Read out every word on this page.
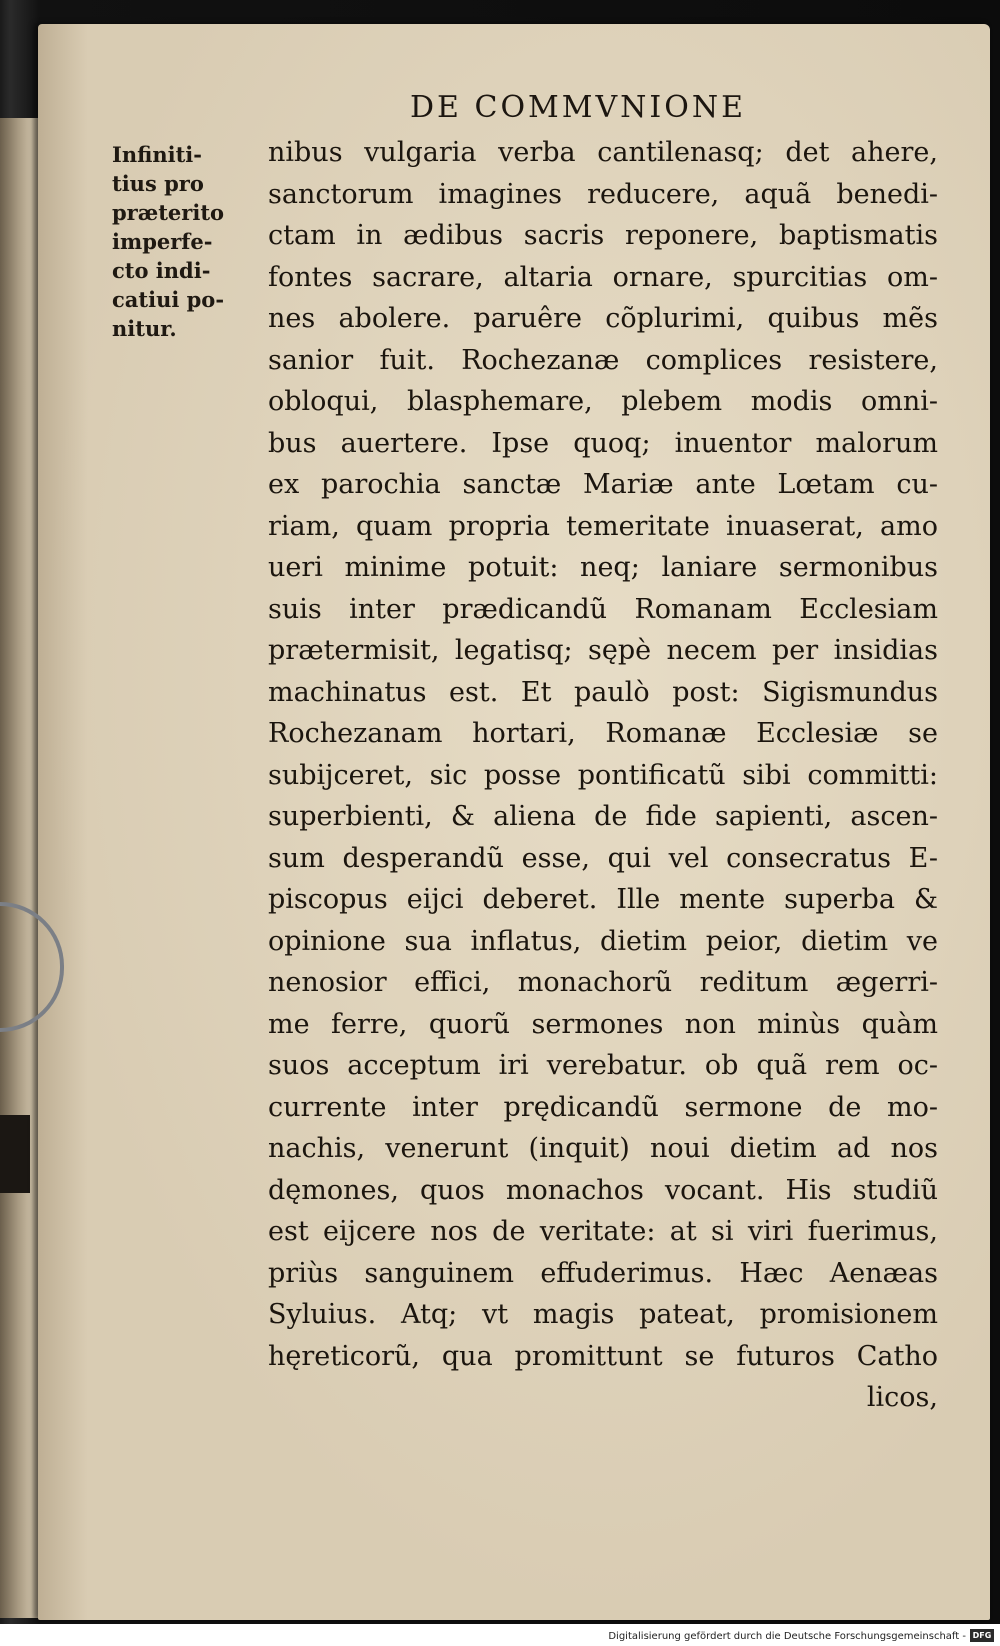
DE COMMVNIONE
Infiniti-
tius pro
præterito
imperfe-
cto indi-
catiui po-
nitur.
nibus vulgaria verba cantilenasq; det ahere,
sanctorum imagines reducere, aquã benedi-
ctam in ædibus sacris reponere, baptismatis
fontes sacrare, altaria ornare, spurcitias om-
nes abolere. paruêre cõplurimi, quibus mẽs
sanior fuit. Rochezanæ complices resistere,
obloqui, blasphemare, plebem modis omni-
bus auertere. Ipse quoq; inuentor malorum
ex parochia sanctæ Mariæ ante Lœtam cu-
riam, quam propria temeritate inuaserat, amo
ueri minime potuit: neq; laniare sermonibus
suis inter prædicandũ Romanam Ecclesiam
prætermisit, legatisq; sępè necem per insidias
machinatus est. Et paulò post: Sigismundus
Rochezanam hortari, Romanæ Ecclesiæ se
subijceret, sic posse pontificatũ sibi committi:
superbienti, & aliena de fide sapienti, ascen-
sum desperandũ esse, qui vel consecratus E-
piscopus eijci deberet. Ille mente superba &
opinione sua inflatus, dietim peior, dietim ve
nenosior effici, monachorũ reditum ægerri-
me ferre, quorũ sermones non minùs quàm
suos acceptum iri verebatur. ob quã rem oc-
currente inter prędicandũ sermone de mo-
nachis, venerunt (inquit) noui dietim ad nos
dęmones, quos monachos vocant. His studiũ
est eijcere nos de veritate: at si viri fuerimus,
priùs sanguinem effuderimus. Hæc Aenæas
Syluius. Atq; vt magis pateat, promisionem
hęreticorũ, qua promittunt se futuros Catho
licos,
Digitalisierung gefördert durch die Deutsche Forschungsgemeinschaft - DFG
